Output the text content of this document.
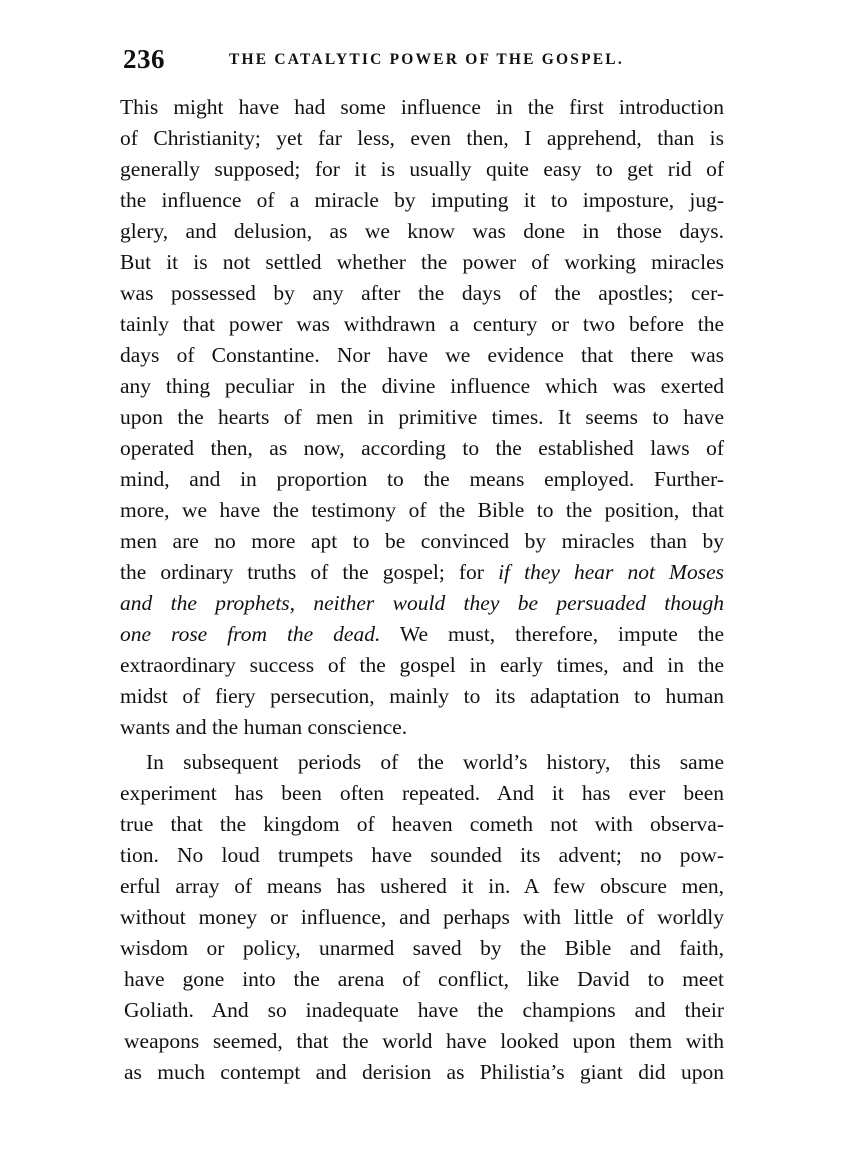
236	THE CATALYTIC POWER OF THE GOSPEL.
This might have had some influence in the first introduction
of Christianity; yet far less, even then, I apprehend, than is
generally supposed; for it is usually quite easy to get rid of
the influence of a miracle by imputing it to imposture, jug-
glery, and delusion, as we know was done in those days.
But it is not settled whether the power of working miracles
was possessed by any after the days of the apostles; cer-
tainly that power was withdrawn a century or two before the
days of Constantine. Nor have we evidence that there was
any thing peculiar in the divine influence which was exerted
upon the hearts of men in primitive times. It seems to have
operated then, as now, according to the established laws of
mind, and in proportion to the means employed. Further-
more, we have the testimony of the Bible to the position, that
men are no more apt to be convinced by miracles than by
the ordinary truths of the gospel; for if they hear not Moses
and the prophets, neither would they be persuaded though
one rose from the dead. We must, therefore, impute the
extraordinary success of the gospel in early times, and in the
midst of fiery persecution, mainly to its adaptation to human
wants and the human conscience.
In subsequent periods of the world’s history, this same
experiment has been often repeated. And it has ever been
true that the kingdom of heaven cometh not with observa-
tion. No loud trumpets have sounded its advent; no pow-
erful array of means has ushered it in. A few obscure men,
without money or influence, and perhaps with little of worldly
wisdom or policy, unarmed saved by the Bible and faith,
have gone into the arena of conflict, like David to meet
Goliath. And so inadequate have the champions and their
weapons seemed, that the world have looked upon them with
as much contempt and derision as Philistia’s giant did upon
